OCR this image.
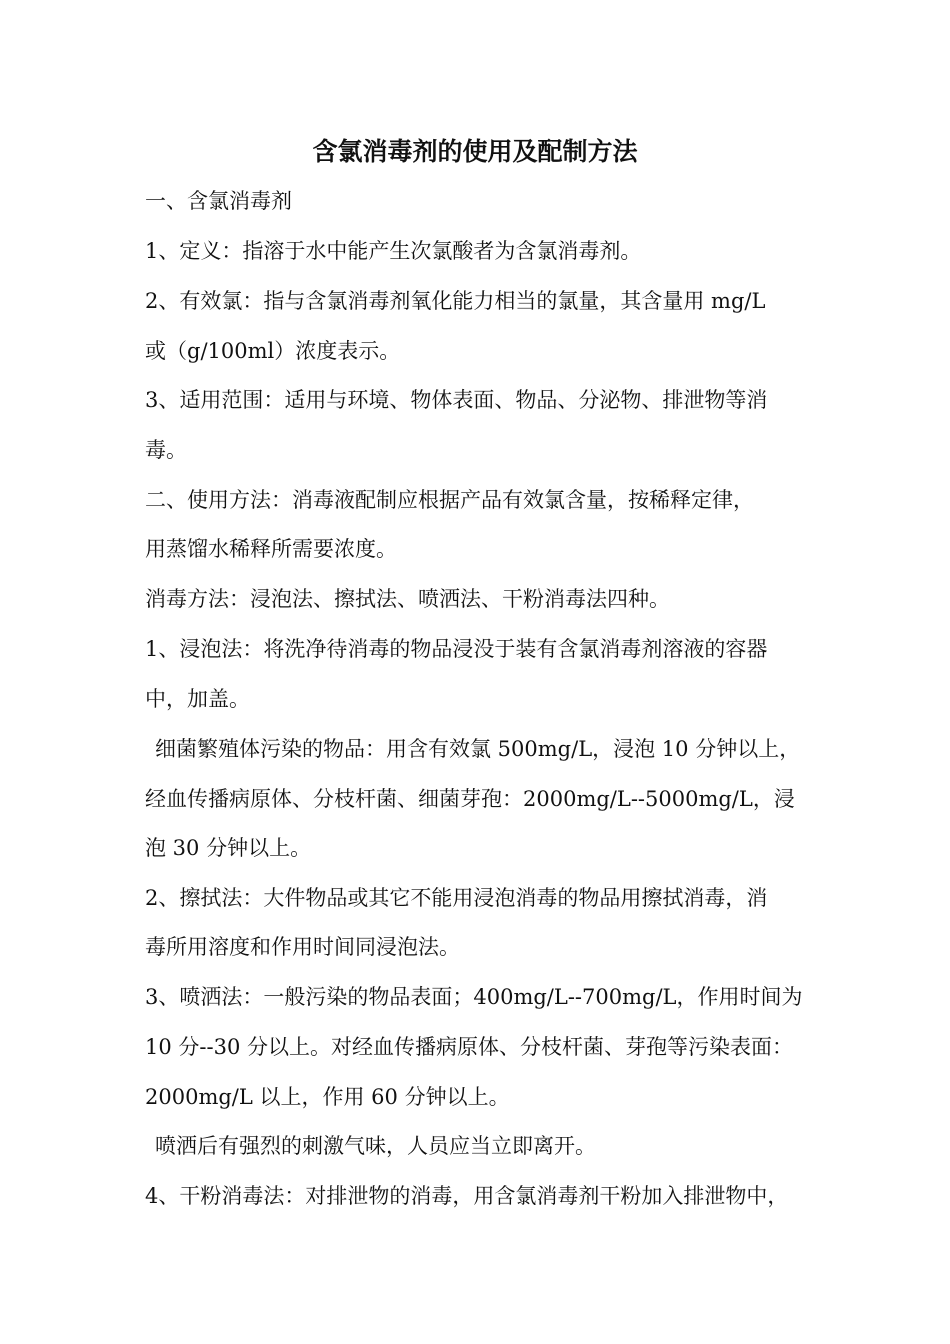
含氯消毒剂的使用及配制方法
一、含氯消毒剂
1、定义：指溶于水中能产生次氯酸者为含氯消毒剂。
2、有效氯：指与含氯消毒剂氧化能力相当的氯量，其含量用 mg/L
或（g/100ml）浓度表示。
3、适用范围：适用与环境、物体表面、物品、分泌物、排泄物等消
毒。
二、使用方法：消毒液配制应根据产品有效氯含量，按稀释定律，
用蒸馏水稀释所需要浓度。
消毒方法：浸泡法、擦拭法、喷洒法、干粉消毒法四种。
1、浸泡法：将洗净待消毒的物品浸没于装有含氯消毒剂溶液的容器
中，加盖。
细菌繁殖体污染的物品：用含有效氯 500mg/L，浸泡 10 分钟以上，
经血传播病原体、分枝杆菌、细菌芽孢：2000mg/L--5000mg/L，浸
泡 30 分钟以上。
2、擦拭法：大件物品或其它不能用浸泡消毒的物品用擦拭消毒，消
毒所用溶度和作用时间同浸泡法。
3、喷洒法：一般污染的物品表面；400mg/L--700mg/L，作用时间为
10 分--30 分以上。对经血传播病原体、分枝杆菌、芽孢等污染表面：
2000mg/L 以上，作用 60 分钟以上。
喷洒后有强烈的刺激气味，人员应当立即离开。
4、干粉消毒法：对排泄物的消毒，用含氯消毒剂干粉加入排泄物中，
